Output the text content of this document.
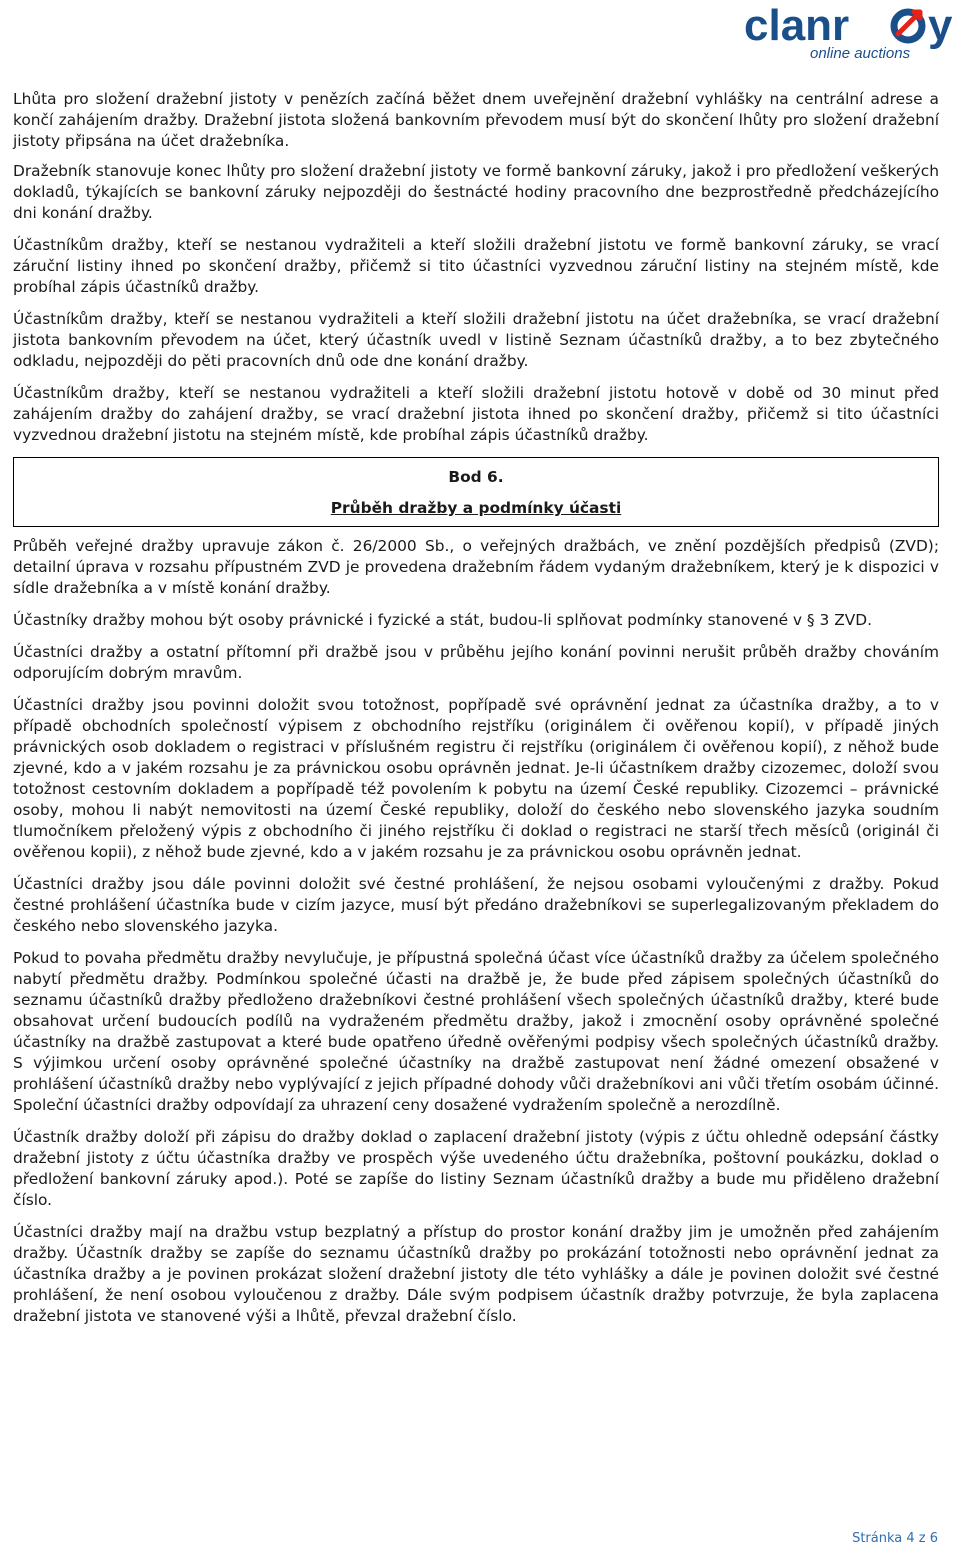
clanr y
online auctions

Lhůta pro složení dražební jistoty v penězích začíná běžet dnem uveřejnění dražební vyhlášky na centrální adrese a končí zahájením dražby. Dražební jistota složená bankovním převodem musí být do skončení lhůty pro složení dražební jistoty připsána na účet dražebníka.

Dražebník stanovuje konec lhůty pro složení dražební jistoty ve formě bankovní záruky, jakož i pro předložení veškerých dokladů, týkajících se bankovní záruky nejpozději do šestnácté hodiny pracovního dne bezprostředně předcházejícího dni konání dražby.

Účastníkům dražby, kteří se nestanou vydražiteli a kteří složili dražební jistotu ve formě bankovní záruky, se vrací záruční listiny ihned po skončení dražby, přičemž si tito účastníci vyzvednou záruční listiny na stejném místě, kde probíhal zápis účastníků dražby.

Účastníkům dražby, kteří se nestanou vydražiteli a kteří složili dražební jistotu na účet dražebníka, se vrací dražební jistota bankovním převodem na účet, který účastník uvedl v listině Seznam účastníků dražby, a to bez zbytečného odkladu, nejpozději do pěti pracovních dnů ode dne konání dražby.

Účastníkům dražby, kteří se nestanou vydražiteli a kteří složili dražební jistotu hotově v době od 30 minut před zahájením dražby do zahájení dražby, se vrací dražební jistota ihned po skončení dražby, přičemž si tito účastníci vyzvednou dražební jistotu na stejném místě, kde probíhal zápis účastníků dražby.

Bod 6.
Průběh dražby a podmínky účasti

Průběh veřejné dražby upravuje zákon č. 26/2000 Sb., o veřejných dražbách, ve znění pozdějších předpisů (ZVD); detailní úprava v rozsahu přípustném ZVD je provedena dražebním řádem vydaným dražebníkem, který je k dispozici v sídle dražebníka a v místě konání dražby.

Účastníky dražby mohou být osoby právnické i fyzické a stát, budou-li splňovat podmínky stanovené v § 3 ZVD.

Účastníci dražby a ostatní přítomní při dražbě jsou v průběhu jejího konání povinni nerušit průběh dražby chováním odporujícím dobrým mravům.

Účastníci dražby jsou povinni doložit svou totožnost, popřípadě své oprávnění jednat za účastníka dražby, a to v případě obchodních společností výpisem z obchodního rejstříku (originálem či ověřenou kopií), v případě jiných právnických osob dokladem o registraci v příslušném registru či rejstříku (originálem či ověřenou kopií), z něhož bude zjevné, kdo a v jakém rozsahu je za právnickou osobu oprávněn jednat. Je-li účastníkem dražby cizozemec, doloží svou totožnost cestovním dokladem a popřípadě též povolením k pobytu na území České republiky. Cizozemci – právnické osoby, mohou li nabýt nemovitosti na území České republiky, doloží do českého nebo slovenského jazyka soudním tlumočníkem přeložený výpis z obchodního či jiného rejstříku či doklad o registraci ne starší třech měsíců (originál či ověřenou kopii), z něhož bude zjevné, kdo a v jakém rozsahu je za právnickou osobu oprávněn jednat.

Účastníci dražby jsou dále povinni doložit své čestné prohlášení, že nejsou osobami vyloučenými z dražby. Pokud čestné prohlášení účastníka bude v cizím jazyce, musí být předáno dražebníkovi se superlegalizovaným překladem do českého nebo slovenského jazyka.

Pokud to povaha předmětu dražby nevylučuje, je přípustná společná účast více účastníků dražby za účelem společného nabytí předmětu dražby. Podmínkou společné účasti na dražbě je, že bude před zápisem společných účastníků do seznamu účastníků dražby předloženo dražebníkovi čestné prohlášení všech společných účastníků dražby, které bude obsahovat určení budoucích podílů na vydraženém předmětu dražby, jakož i zmocnění osoby oprávněné společné účastníky na dražbě zastupovat a které bude opatřeno úředně ověřenými podpisy všech společných účastníků dražby. S výjimkou určení osoby oprávněné společné účastníky na dražbě zastupovat není žádné omezení obsažené v prohlášení účastníků dražby nebo vyplývající z jejich případné dohody vůči dražebníkovi ani vůči třetím osobám účinné. Společní účastníci dražby odpovídají za uhrazení ceny dosažené vydražením společně a nerozdílně.

Účastník dražby doloží při zápisu do dražby doklad o zaplacení dražební jistoty (výpis z účtu ohledně odepsání částky dražební jistoty z účtu účastníka dražby ve prospěch výše uvedeného účtu dražebníka, poštovní poukázku, doklad o předložení bankovní záruky apod.). Poté se zapíše do listiny Seznam účastníků dražby a bude mu přiděleno dražební číslo.

Účastníci dražby mají na dražbu vstup bezplatný a přístup do prostor konání dražby jim je umožněn před zahájením dražby. Účastník dražby se zapíše do seznamu účastníků dražby po prokázání totožnosti nebo oprávnění jednat za účastníka dražby a je povinen prokázat složení dražební jistoty dle této vyhlášky a dále je povinen doložit své čestné prohlášení, že není osobou vyloučenou z dražby. Dále svým podpisem účastník dražby potvrzuje, že byla zaplacena dražební jistota ve stanovené výši a lhůtě, převzal dražební číslo.

Stránka 4 z 6
